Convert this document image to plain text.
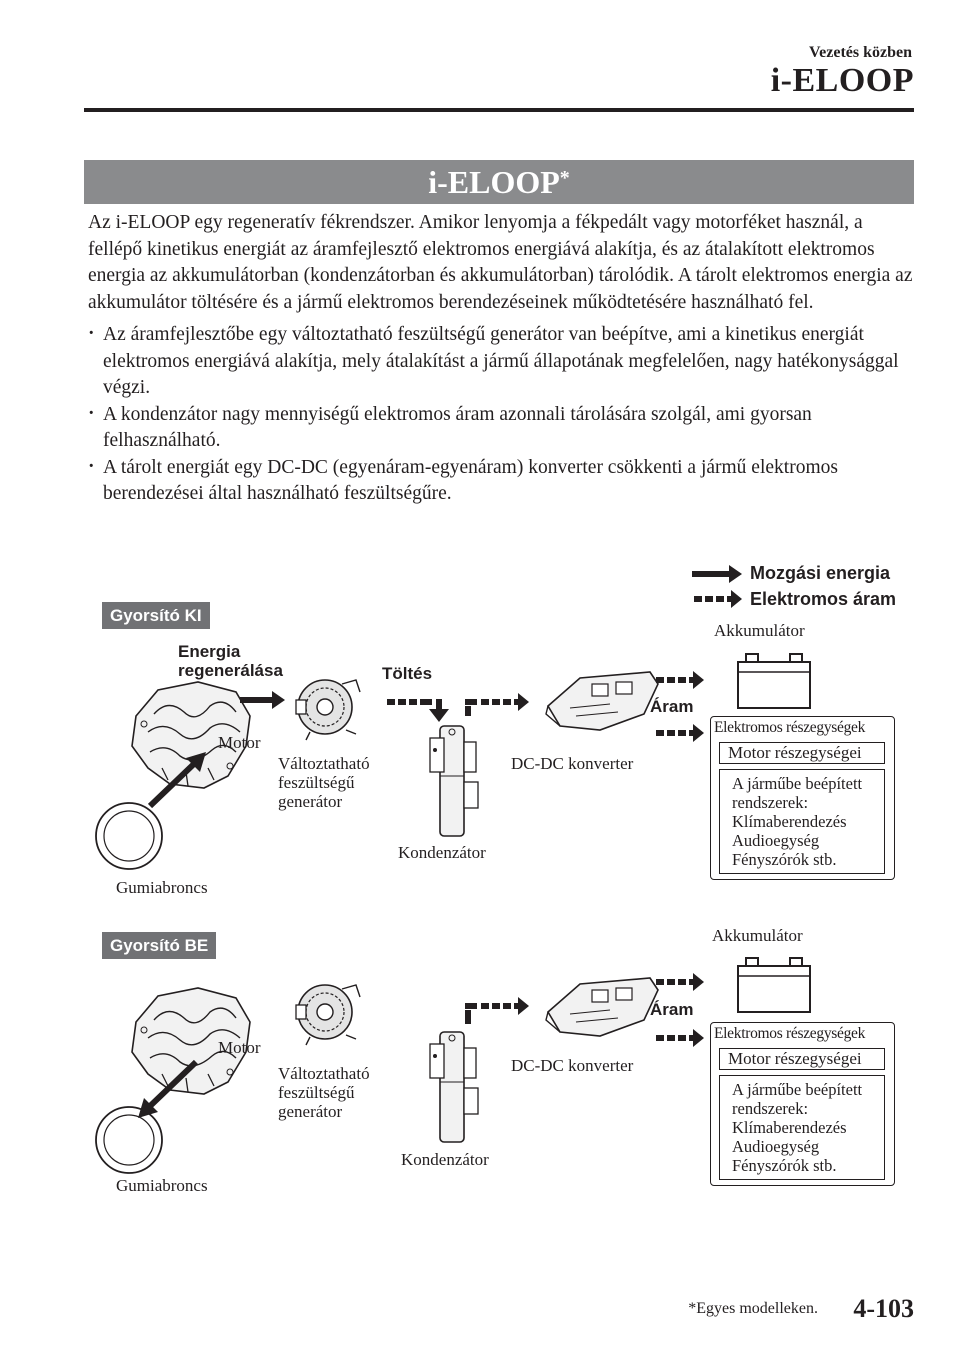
Vezetés közben
i-ELOOP
i-ELOOP*

Az i-ELOOP egy regeneratív fékrendszer. Amikor lenyomja a fékpedált vagy motorféket használ, a fellépő kinetikus energiát az áramfejlesztő elektromos energiává alakítja, és az átalakított elektromos energia az akkumulátorban (kondenzátorban és akkumulátorban) tárolódik. A tárolt elektromos energia az akkumulátor töltésére és a jármű elektromos berendezéseinek működtetésére használható fel.

· Az áramfejlesztőbe egy változtatható feszültségű generátor van beépítve, ami a kinetikus energiát elektromos energiává alakítja, mely átalakítást a jármű állapotának megfelelően, nagy hatékonysággal végzi.
· A kondenzátor nagy mennyiségű elektromos áram azonnali tárolására szolgál, ami gyorsan felhasználható.
· A tárolt energiát egy DC-DC (egyenáram-egyenáram) konverter csökkenti a jármű elektromos berendezései által használható feszültségűre.
Mozgási energia
Elektromos áram
Gyorsító KI
Energia regenerálása	Töltés
Áram
Motor
Változtatható feszültségű generátor
DC-DC konverter
Kondenzátor
Gumiabroncs
Akkumulátor
Elektromos részegységek
Motor részegységei
A járműbe beépített rendszerek: Klímaberendezés Audioegység Fényszórók stb.
Gyorsító BE
Áram
Motor
Változtatható feszültségű generátor
DC-DC konverter
Kondenzátor
Gumiabroncs
Akkumulátor
Elektromos részegységek
Motor részegységei
A járműbe beépített rendszerek: Klímaberendezés Audioegység Fényszórók stb.
*Egyes modelleken. 4-103
